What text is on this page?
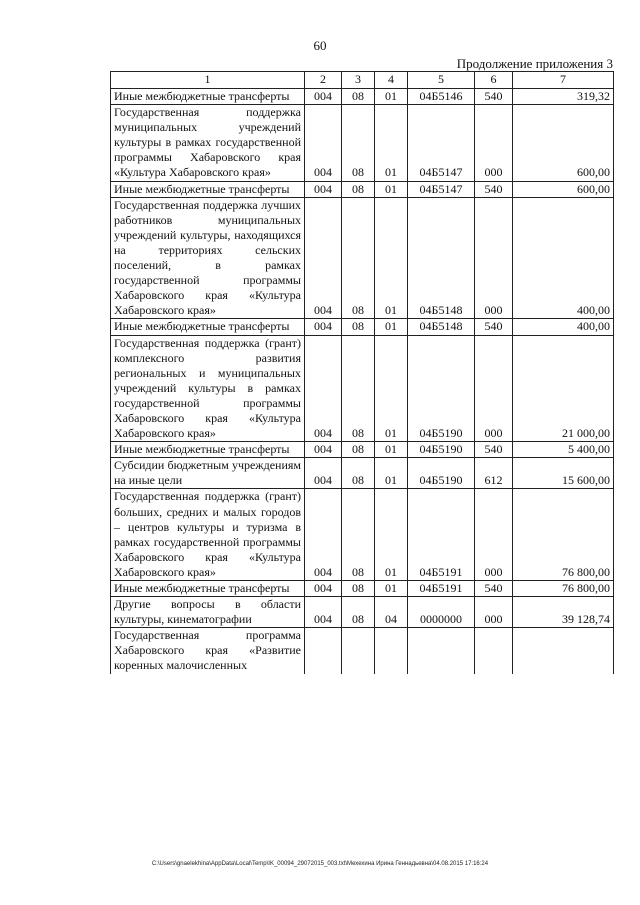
60
Продолжение приложения 3
1	2	3	4	5	6	7
Иные межбюджетные трансферты	004	08	01	04Б5146	540	319,32
Государственная поддержка муниципальных учреждений культуры в рамках государственной программы Хабаровского края «Культура Хабаровского края»	004	08	01	04Б5147	000	600,00
Иные межбюджетные трансферты	004	08	01	04Б5147	540	600,00
Государственная поддержка лучших работников муниципальных учреждений культуры, находящихся на территориях сельских поселений, в рамках государственной программы Хабаровского края «Культура Хабаровского края»	004	08	01	04Б5148	000	400,00
Иные межбюджетные трансферты	004	08	01	04Б5148	540	400,00
Государственная поддержка (грант) комплексного развития региональных и муниципальных учреждений культуры в рамках государственной программы Хабаровского края «Культура Хабаровского края»	004	08	01	04Б5190	000	21 000,00
Иные межбюджетные трансферты	004	08	01	04Б5190	540	5 400,00
Субсидии бюджетным учреждениям на иные цели	004	08	01	04Б5190	612	15 600,00
Государственная поддержка (грант) больших, средних и малых городов – центров культуры и туризма в рамках государственной программы Хабаровского края «Культура Хабаровского края»	004	08	01	04Б5191	000	76 800,00
Иные межбюджетные трансферты	004	08	01	04Б5191	540	76 800,00
Другие вопросы в области культуры, кинематографии	004	08	04	0000000	000	39 128,74
Государственная программа Хабаровского края «Развитие коренных малочисленных						
C:\Users\gnaelekhina\AppData\Local\Temp\IK_00094_29072015_003.txt\Мехехина Ирина Геннадьевна\04.08.2015 17:16:24
